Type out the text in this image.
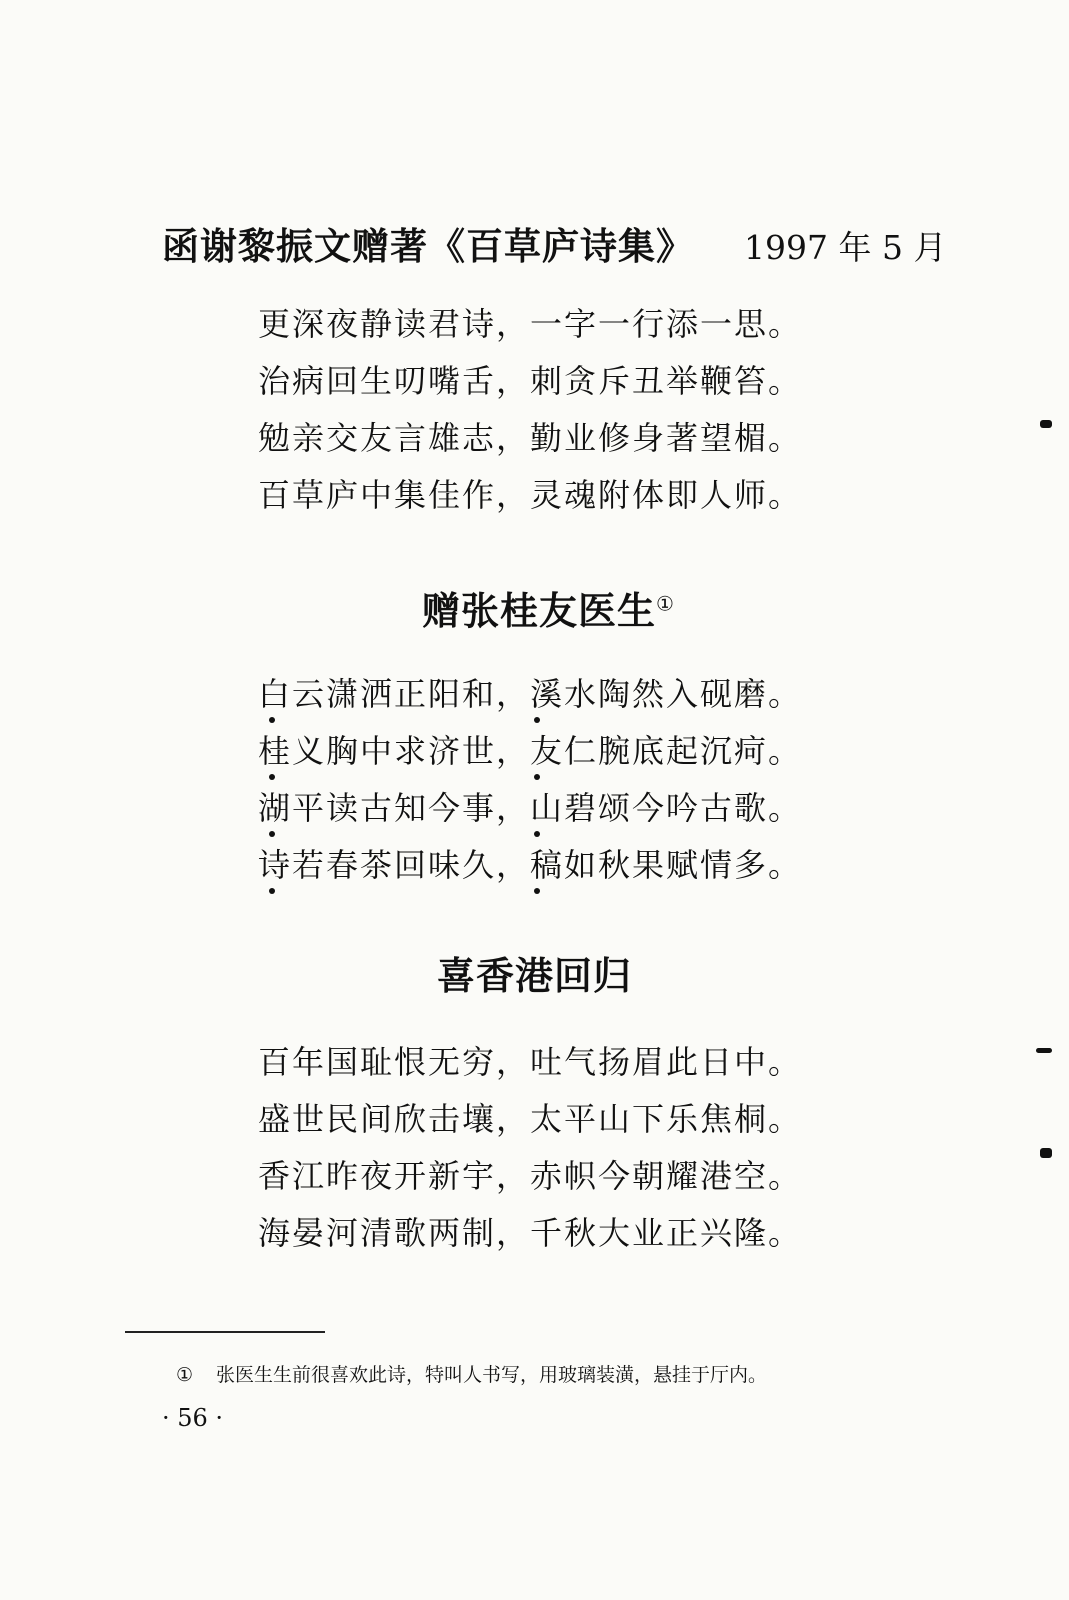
函谢黎振文赠著《百草庐诗集》 1997 年 5 月
更深夜静读君诗，一字一行添一思。
治病回生叨嘴舌，刺贪斥丑举鞭笞。
勉亲交友言雄志，勤业修身著望楣。
百草庐中集佳作，灵魂附体即人师。
赠张桂友医生①
白云潇洒正阳和，溪水陶然入砚磨。
桂义胸中求济世，友仁腕底起沉疴。
湖平读古知今事，山碧颂今吟古歌。
诗若春茶回味久，稿如秋果赋情多。
喜香港回归
百年国耻恨无穷，吐气扬眉此日中。
盛世民间欣击壤，太平山下乐焦桐。
香江昨夜开新宇，赤帜今朝耀港空。
海晏河清歌两制，千秋大业正兴隆。
① 张医生生前很喜欢此诗，特叫人书写，用玻璃装潢，悬挂于厅内。
· 56 ·
